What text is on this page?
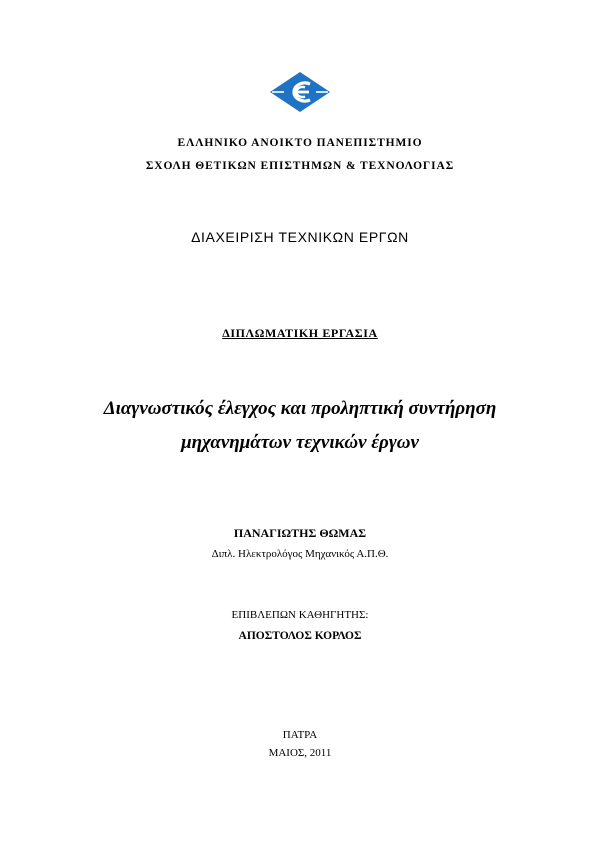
ΕΛΛΗΝΙΚΟ ΑΝΟΙΚΤΟ ΠΑΝΕΠΙΣΤΗΜΙΟ

ΣΧΟΛΗ ΘΕΤΙΚΩΝ ΕΠΙΣΤΗΜΩΝ & ΤΕΧΝΟΛΟΓΙΑΣ

ΔΙΑΧΕΙΡΙΣΗ ΤΕΧΝΙΚΩΝ ΕΡΓΩΝ

ΔΙΠΛΩΜΑΤΙΚΗ ΕΡΓΑΣΙΑ

Διαγνωστικός έλεγχος και προληπτική συντήρηση

μηχανημάτων τεχνικών έργων

ΠΑΝΑΓΙΩΤΗΣ ΘΩΜΑΣ

Διπλ. Ηλεκτρολόγος Μηχανικός Α.Π.Θ.

ΕΠΙΒΛΕΠΩΝ ΚΑΘΗΓΗΤΗΣ:

ΑΠΟΣΤΟΛΟΣ ΚΟΡΛΟΣ

ΠΑΤΡΑ

ΜΑΙΟΣ, 2011
